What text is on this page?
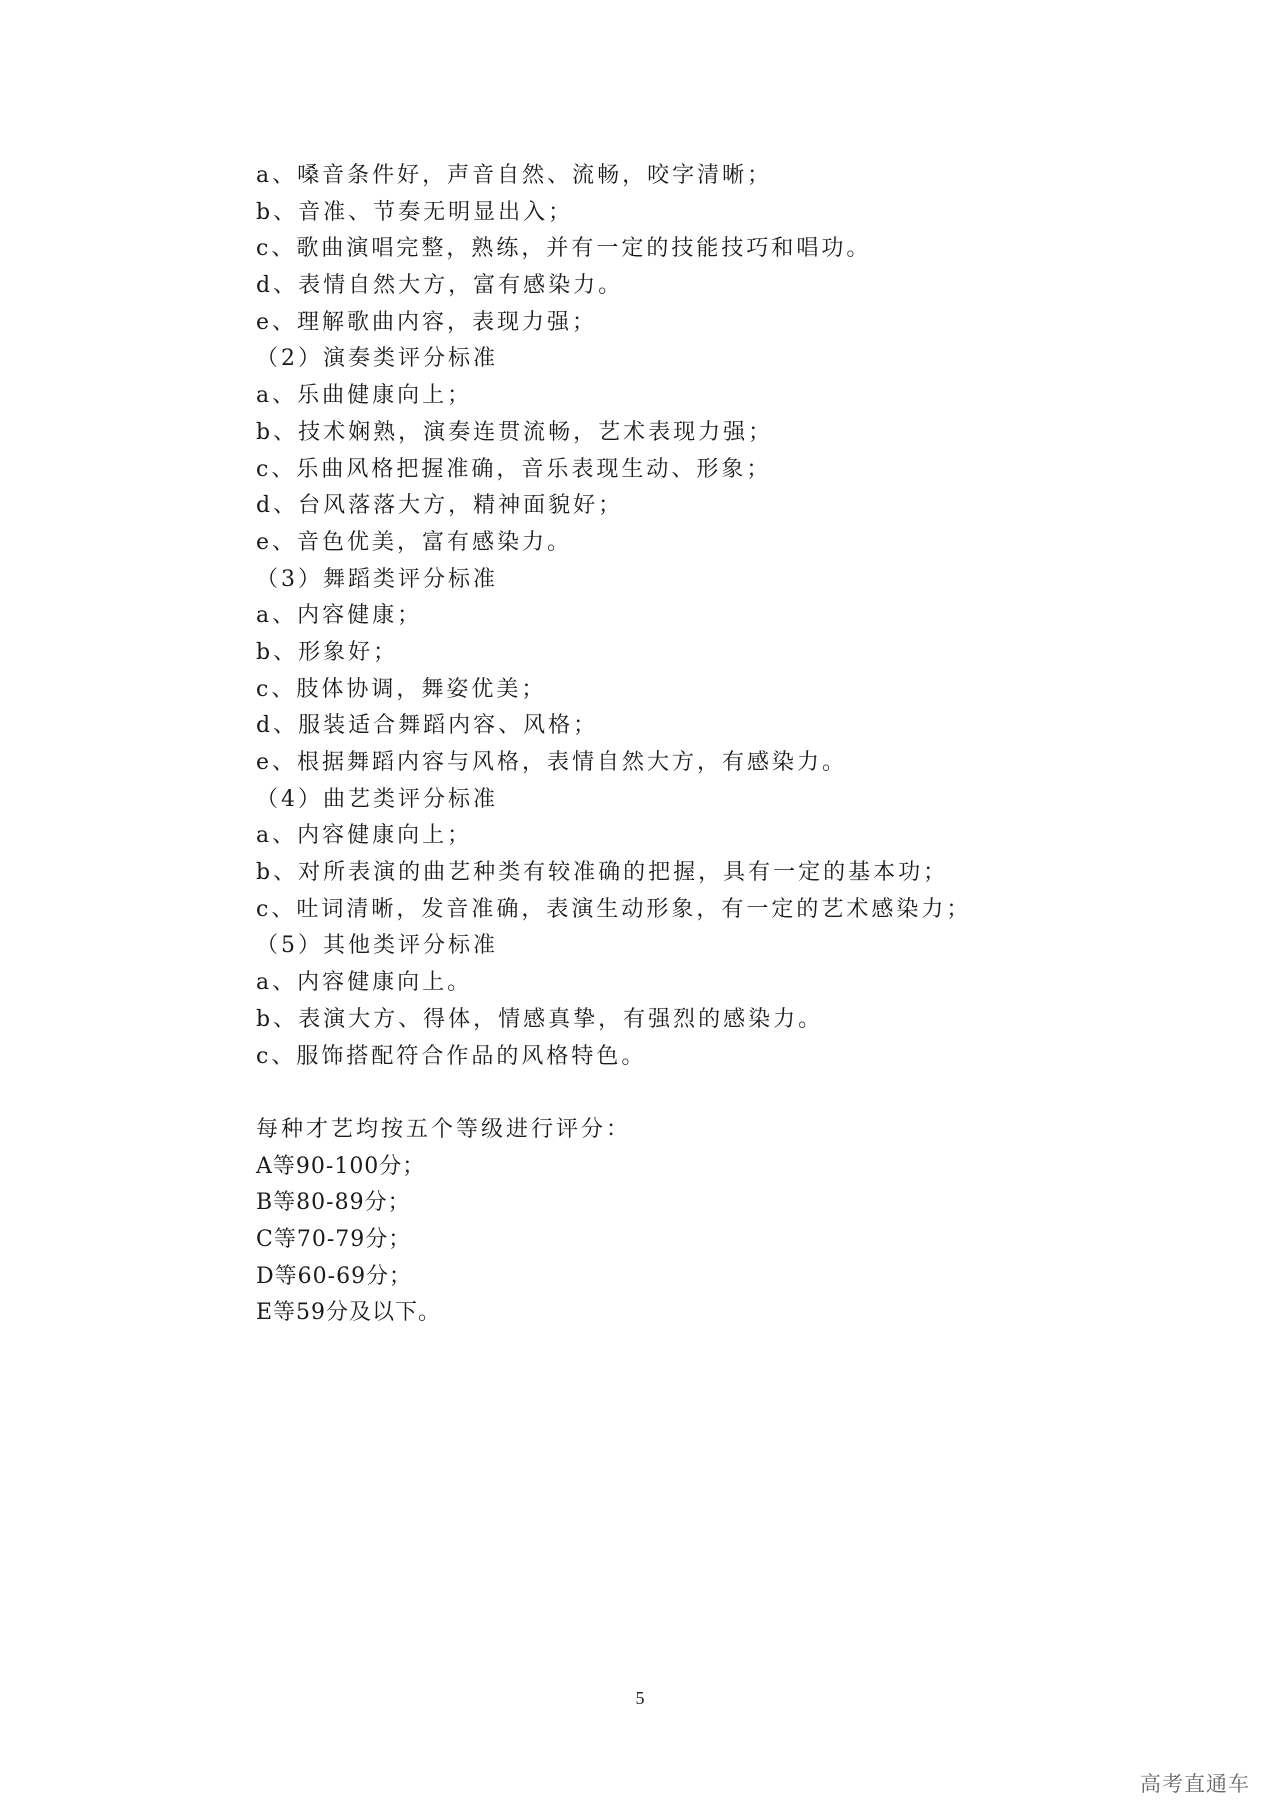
a、嗓音条件好，声音自然、流畅，咬字清晰；
b、音准、节奏无明显出入；
c、歌曲演唱完整，熟练，并有一定的技能技巧和唱功。
d、表情自然大方，富有感染力。
e、理解歌曲内容，表现力强；
（2）演奏类评分标准
a、乐曲健康向上；
b、技术娴熟，演奏连贯流畅，艺术表现力强；
c、乐曲风格把握准确，音乐表现生动、形象；
d、台风落落大方，精神面貌好；
e、音色优美，富有感染力。
（3）舞蹈类评分标准
a、内容健康；
b、形象好；
c、肢体协调，舞姿优美；
d、服装适合舞蹈内容、风格；
e、根据舞蹈内容与风格，表情自然大方，有感染力。
（4）曲艺类评分标准
a、内容健康向上；
b、对所表演的曲艺种类有较准确的把握，具有一定的基本功；
c、吐词清晰，发音准确，表演生动形象，有一定的艺术感染力；
（5）其他类评分标准
a、内容健康向上。
b、表演大方、得体，情感真挚，有强烈的感染力。
c、服饰搭配符合作品的风格特色。
每种才艺均按五个等级进行评分：
A等90-100分；
B等80-89分；
C等70-79分；
D等60-69分；
E等59分及以下。
5
高考直通车
